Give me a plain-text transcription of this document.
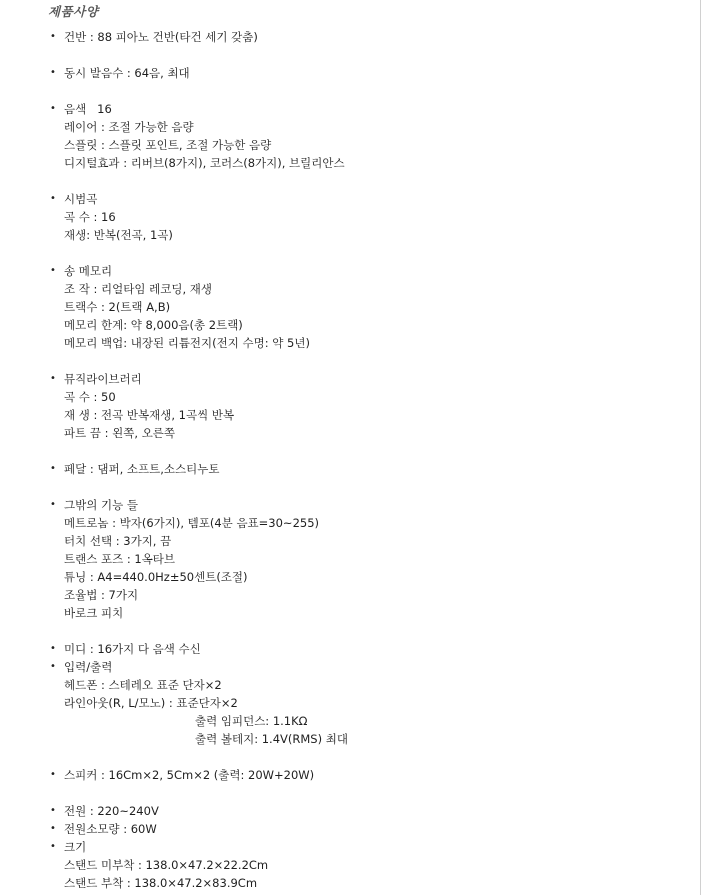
제품사양
• 건반 : 88 피아노 건반(타건 세기 갖춤)
• 동시 발음수 : 64음, 최대
• 음색   16
레이어 : 조절 가능한 음량
스플릿 : 스플릿 포인트, 조절 가능한 음량
디지털효과 : 리버브(8가지), 코러스(8가지), 브릴리안스
• 시범곡
곡 수 : 16
재생: 반복(전곡, 1곡)
• 송 메모리
조 작 : 리얼타임 레코딩, 재생
트랙수 : 2(트랙 A,B)
메모리 한계: 약 8,000음(총 2트랙)
메모리 백업: 내장된 리튬전지(전지 수명: 약 5년)
• 뮤직라이브러리
곡 수 : 50
재 생 : 전곡 반복재생, 1곡씩 반복
파트 끔 : 왼쪽, 오른쪽
• 페달 : 댐퍼, 소프트,소스티누토
• 그밖의 기능 들
메트로놈 : 박자(6가지), 템포(4분 음표=30~255)
터치 선택 : 3가지, 끔
트랜스 포즈 : 1옥타브
튜닝 : A4=440.0Hz±50센트(조절)
조율법 : 7가지
바로크 피치
• 미디 : 16가지 다 음색 수신
• 입력/출력
헤드폰 : 스테레오 표준 단자×2
라인아웃(R, L/모노) : 표준단자×2
출력 임피던스: 1.1KΩ
출력 볼테지: 1.4V(RMS) 최대
• 스피커 : 16Cm×2, 5Cm×2 (출력: 20W+20W)
• 전원 : 220~240V
• 전원소모량 : 60W
• 크기
스탠드 미부착 : 138.0×47.2×22.2Cm
스탠드 부착 : 138.0×47.2×83.9Cm
